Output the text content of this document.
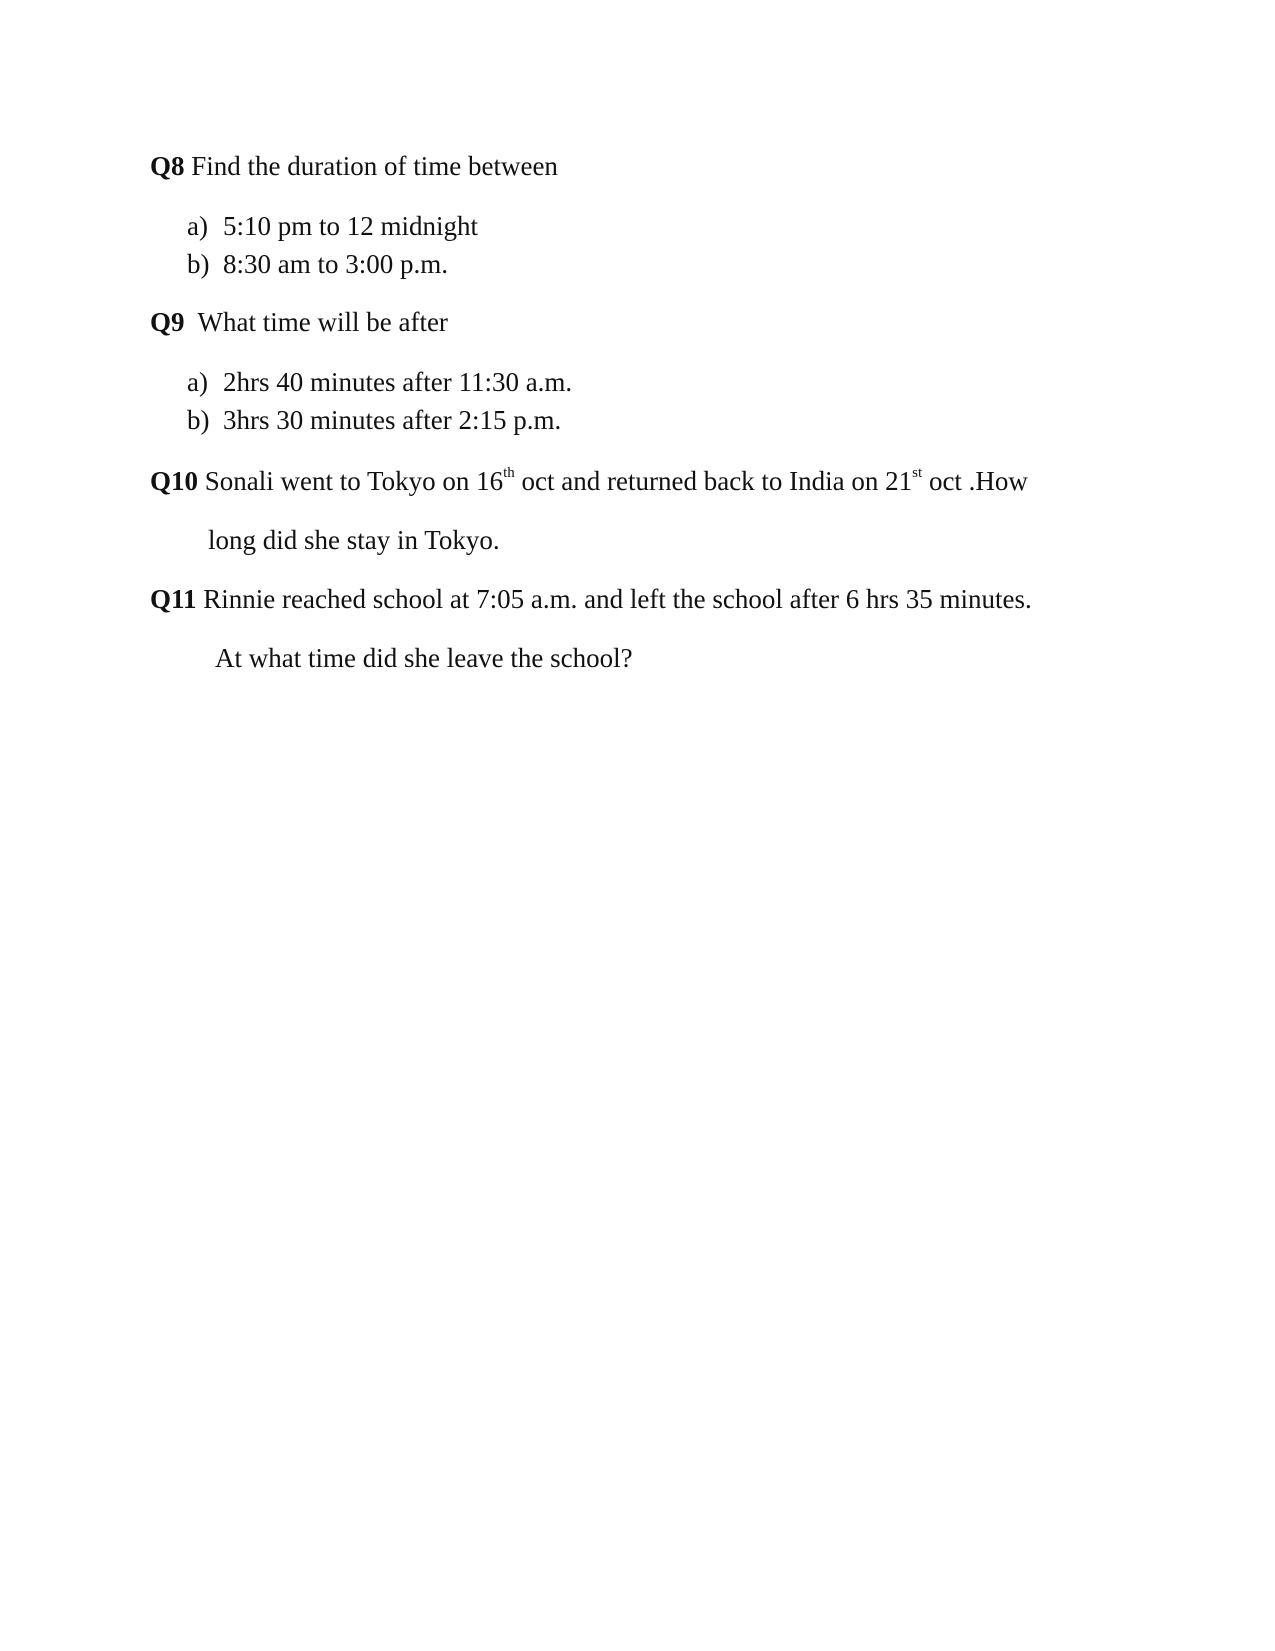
Q8 Find the duration of time between
a) 5:10 pm to 12 midnight
b) 8:30 am to 3:00 p.m.
Q9 What time will be after
a) 2hrs 40 minutes after 11:30 a.m.
b) 3hrs 30 minutes after 2:15 p.m.
Q10 Sonali went to Tokyo on 16th oct and returned back to India on 21st oct .How
long did she stay in Tokyo.
Q11 Rinnie reached school at 7:05 a.m. and left the school after 6 hrs 35 minutes.
At what time did she leave the school?
